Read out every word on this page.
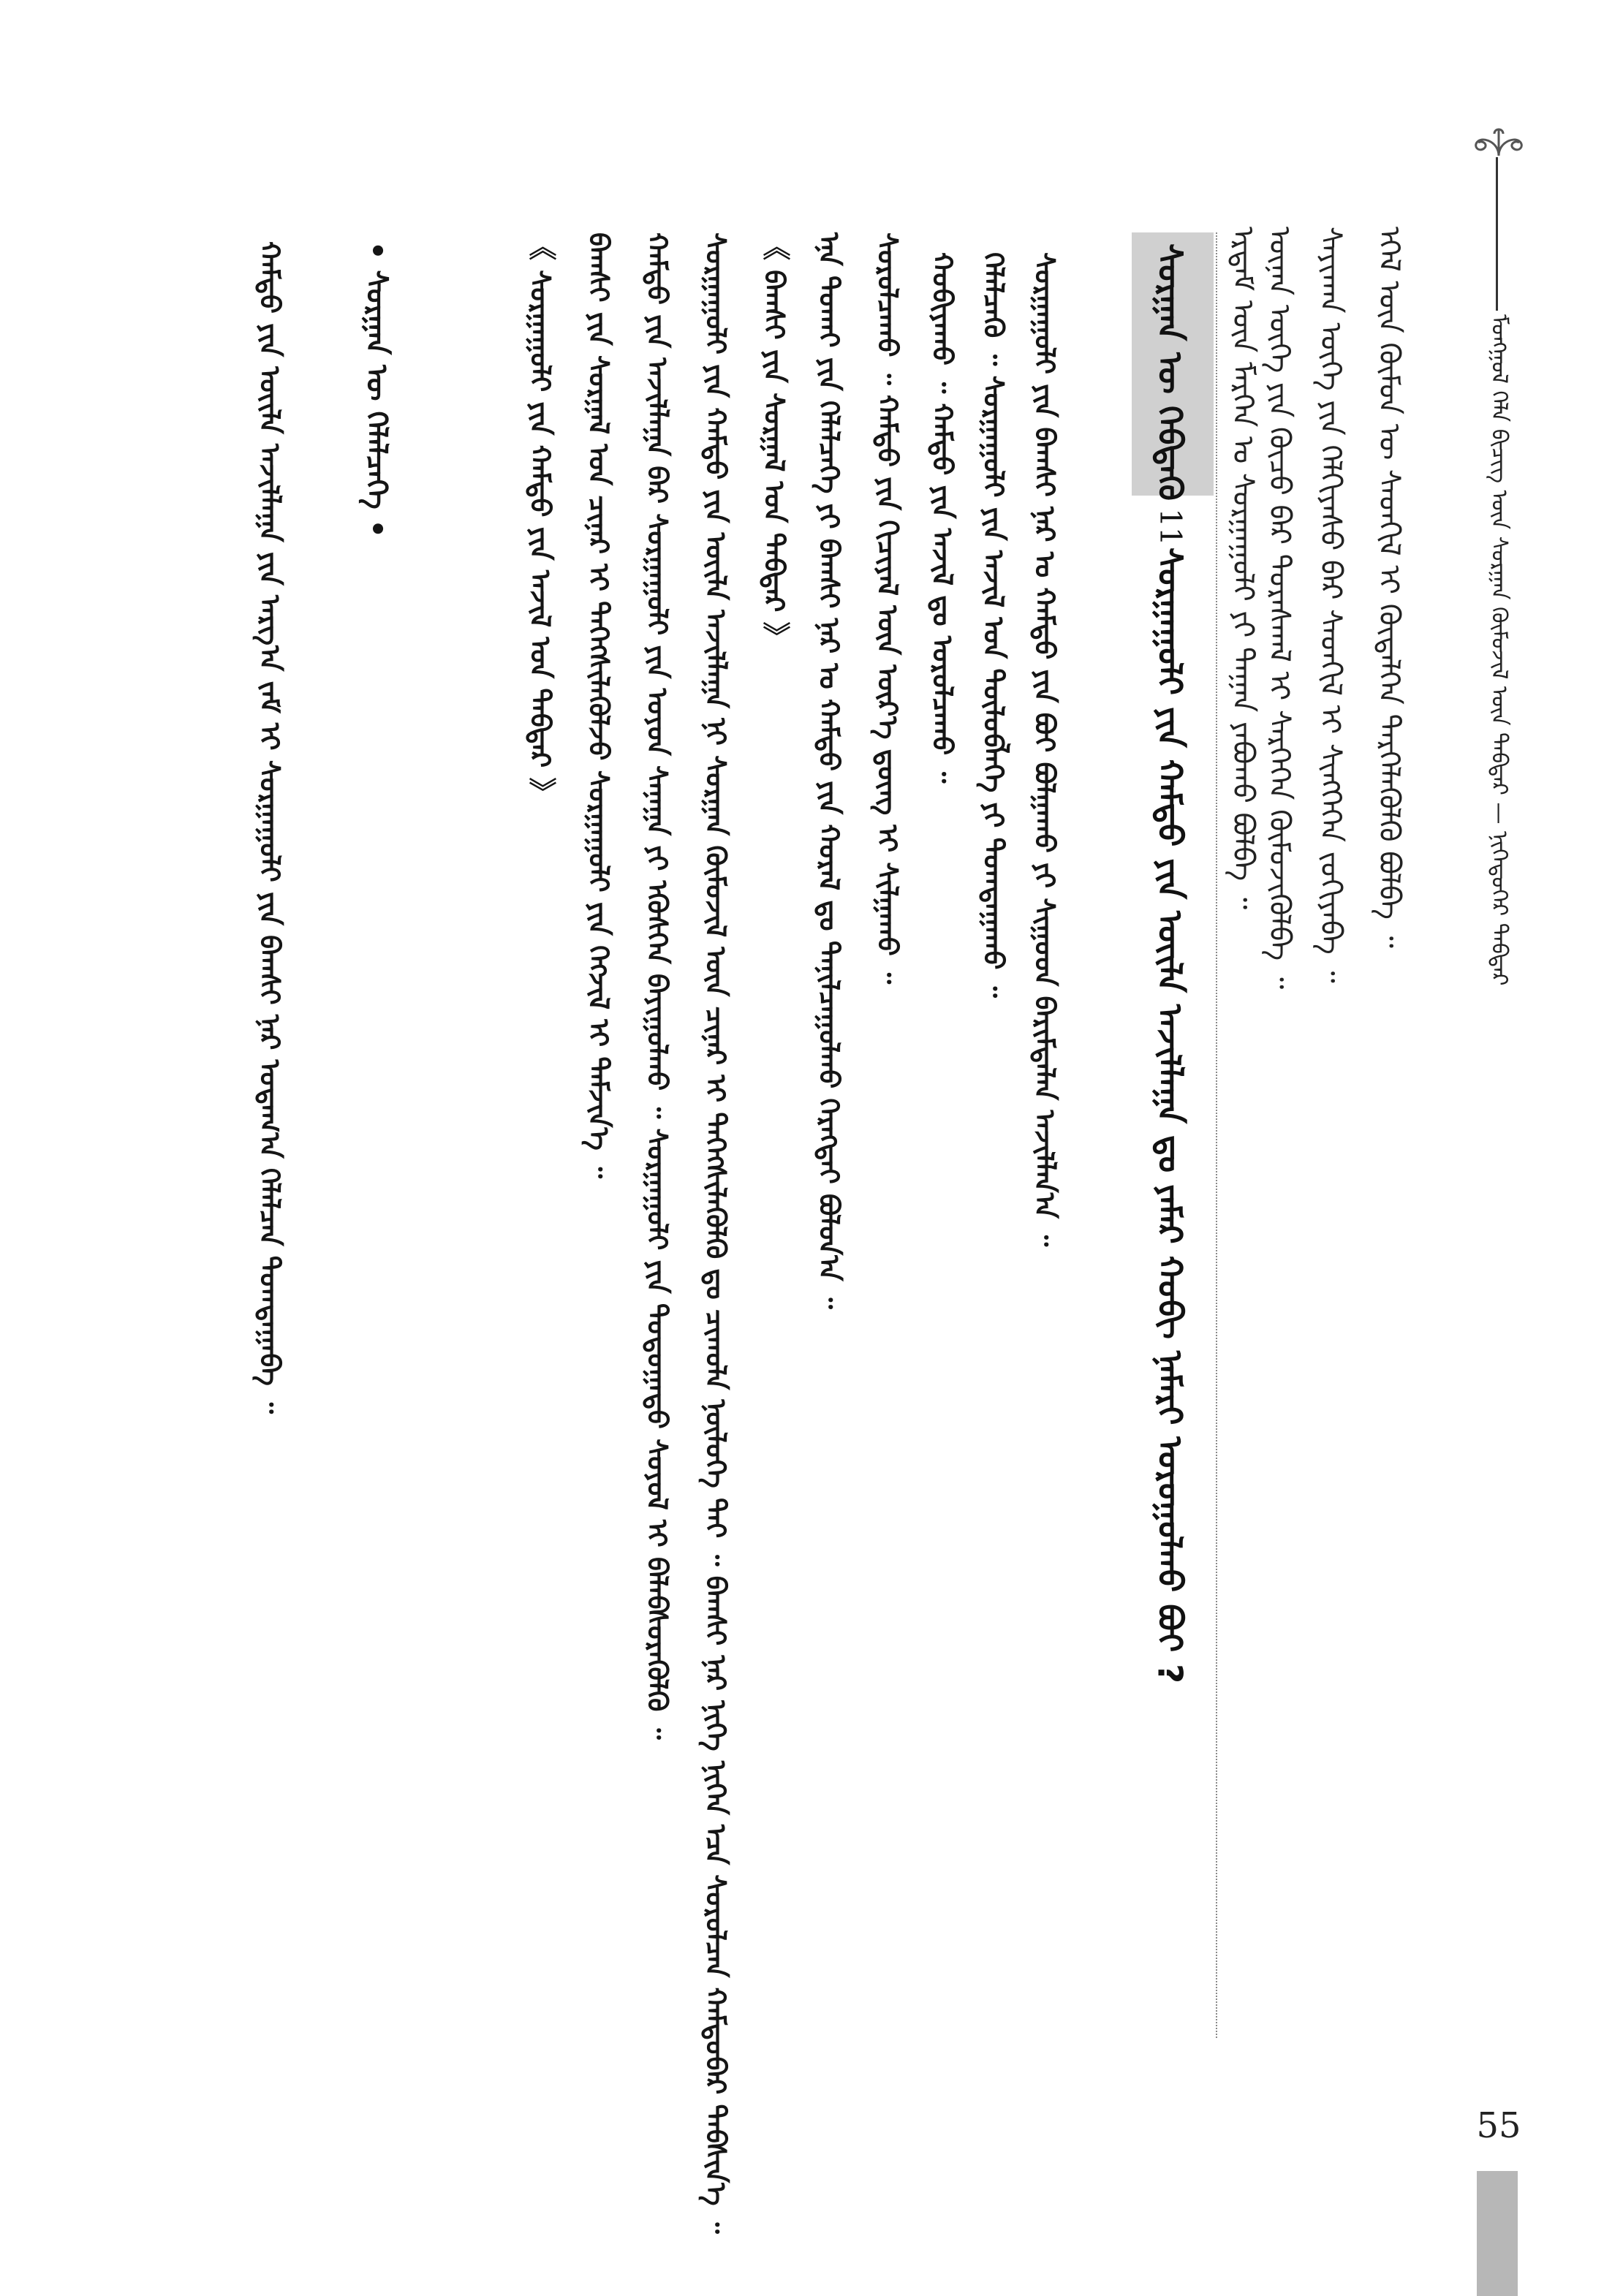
ᠮᠣᠩᠭᠣᠯ ᠬᠡᠯᠡ ᠪᠢᠴᠢᠭ᠌ ᠦᠨ ᠰᠤᠷᠭᠠᠨ ᠬᠦᠮᠦᠵᠢᠯ ᠦᠨ ᠳᠡᠪᠲᠡᠷ — ᠨᠢᠭᠡᠳᠦᠭᠡᠷ ᠳᠡᠪᠲᠡᠷ
55
ᠡᠭᠡᠯ ᠦᠨ ᠬᠦᠮᠦᠨ ᠦ ᠰᠡᠳᠬᠢᠯ ᠢ ᠬᠦᠳᠡᠯᠭᠡᠨ ᠲᠡᠷᠭᠡᠯᠡᠭᠦᠯᠬᠦ ᠪᠣᠯᠪᠠ ᠃
ᠰᠠᠶᠢᠬᠠᠨ ᠦᠭᠡ ᠶᠢᠨ ᠬᠡᠯᠬᠢᠶᠡᠰᠦ ᠪᠡᠷ ᠰᠡᠳᠬᠢᠯ ᠢ ᠰᠢᠩᠭᠡᠭᠡᠨ ᠵᠣᠬᠢᠶᠠᠪᠠ ᠃
ᠦᠨᠡᠨ ᠦᠭᠡ ᠶᠢᠨ ᠬᠦᠴᠦ ᠪᠡᠷ ᠳᠤᠷᠠᠰᠬᠠᠯ ᠢ ᠰᠡᠷᠭᠡᠭᠡᠨ ᠬᠦᠮᠦᠵᠢᠭᠦᠯᠪᠡ ᠃
ᠡᠷᠳᠡᠮ ᠦᠨ ᠮᠡᠷᠭᠡᠨ ᠤ ᠰᠤᠷᠭᠠᠭᠤᠯᠢ ᠶᠢ ᠳᠠᠭᠠᠨ ᠶᠠᠪᠤᠬᠤ ᠪᠣᠯᠪᠠ ᠃
ᠰᠤᠷᠭᠠᠨ ᠦ ᠬᠡᠪᠲᠡᠬᠦ11ᠰᠤᠷᠭᠠᠭᠤᠯᠢ ᠶᠢᠨ ᠬᠠᠮᠲᠤ ᠶᠢᠨ ᠦᠢᠯᠡ ᠠᠵᠢᠯᠯᠠᠭᠠ ᠳᠤ ᠶᠠᠮᠠᠷ ᠬᠤᠪᠢ ᠨᠡᠮᠡᠷᠢ ᠣᠷᠤᠭᠤᠯᠬᠤ ᠪᠤᠢ ?
ᠰᠤᠷᠭᠠᠭᠤᠯᠢ ᠶᠢᠨ ᠪᠠᠭᠰᠢ ᠨᠠᠷ ᠤ ᠬᠠᠮᠲᠤ ᠶᠢᠨ ᠪᠤᠢ ᠪᠣᠯᠭᠠᠬᠤ ᠶᠢ ᠰᠢᠭᠤᠳ ᠪᠠᠷᠢᠮᠲᠠᠯᠠᠨ ᠠᠵᠢᠯᠯᠠᠨ᠎ᠠ ᠃
ᠬᠡᠯᠡᠯᠴᠡᠬᠦ ᠃ ᠰᠤᠷᠭᠠᠭᠤᠯᠢ ᠶᠢᠨ ᠠᠵᠢᠯ ᠤᠨ ᠲᠥᠯᠥᠪᠯᠡᠭᠡ ᠶᠢ ᠲᠣᠭᠲᠠᠭᠠᠬᠤ ᠃
ᠬᠤᠪᠢᠶᠠᠬᠤ ᠃ ᠬᠠᠮᠲᠤ ᠶᠢᠨ ᠠᠵᠢᠯ ᠳᠤ ᠣᠷᠣᠯᠴᠠᠬᠤ ᠃
ᠰᠤᠷᠤᠯᠴᠠᠬᠤ ᠃ ᠬᠠᠮᠲᠤ ᠶᠢᠨ ᠬᠢᠴᠢᠶᠡᠯ ᠦᠨ ᠦᠷ᠎ᠡ ᠳ᠋ᠦᠩ ᠢ ᠰᠢᠯᠭᠠᠬᠤ ᠃
ᠡᠨᠡ ᠲᠤᠬᠠᠢ ᠶᠢᠨ ᠬᠡᠯᠡᠯᠴᠡᠭᠡ ᠶᠢ ᠪᠠᠭᠰᠢ ᠨᠠᠷ ᠤ ᠬᠠᠮᠲᠤ ᠶᠢᠨ ᠬᠤᠷᠠᠯ ᠳᠤ ᠲᠠᠨᠢᠯᠴᠠᠭᠤᠯᠬᠤ ᠬᠡᠷᠡᠭᠲᠡᠢ ᠪᠣᠯᠤᠨ᠎ᠠ ᠃
《 ᠪᠠᠭᠰᠢ ᠶᠢᠨ ᠰᠤᠷᠭᠠᠯ ᠤᠨ ᠳᠡᠪᠲᠡᠷ 》
ᠰᠤᠷᠭᠠᠭᠤᠯᠢ ᠶᠢᠨ ᠬᠠᠮᠲᠤ ᠶᠢᠨ ᠦᠢᠯᠡ ᠠᠵᠢᠯᠯᠠᠭᠠ ᠨᠢ ᠰᠤᠷᠭᠠᠨ ᠬᠦᠮᠦᠵᠢᠯ ᠦᠨ ᠴᠢᠨᠠᠷ ᠢ ᠳᠡᠭᠡᠭᠰᠢᠯᠡᠭᠦᠯᠬᠦ ᠳᠤ ᠴᠢᠬᠤᠯᠠ ᠨᠥᠯᠥᠭᠡ ᠲᠡᠢ ᠃ ᠪᠠᠭᠰᠢ ᠨᠠᠷ ᠨᠢᠭᠡ ᠨᠢᠭᠡᠨ ᠡᠴᠡ ᠰᠤᠷᠤᠯᠴᠠᠨ ᠬᠠᠮᠲᠤᠪᠠᠷ ᠳᠡᠪᠰᠢᠨ᠎ᠡ ᠃
ᠬᠠᠮᠲᠤ ᠶᠢᠨ ᠠᠵᠢᠯᠯᠠᠭᠠ ᠪᠠᠷ ᠰᠤᠷᠭᠠᠭᠤᠯᠢ ᠶᠢᠨ ᠣᠶᠤᠨ ᠰᠠᠨᠠᠭᠠ ᠶᠢ ᠡᠭᠦᠰᠭᠡᠨ ᠪᠠᠶᠢᠭᠤᠯᠬᠤ ᠃ ᠰᠤᠷᠭᠠᠭᠤᠯᠢ ᠶᠢᠨ ᠳᠣᠲᠣᠭᠠᠳᠤ ᠰᠤᠶᠤᠯ ᠢ ᠪᠡᠯᠡᠪᠰᠦᠷᠡᠭᠦᠯᠬᠦ ᠃
ᠪᠠᠭᠰᠢ ᠶᠢᠨ ᠰᠤᠷᠭᠠᠯ ᠤᠨ ᠴᠢᠨᠠᠷ ᠢ ᠳᠡᠭᠡᠭᠰᠢᠯᠡᠭᠦᠯᠵᠦ ᠰᠤᠷᠭᠠᠭᠤᠯᠢ ᠶᠢᠨ ᠬᠡᠭᠵᠢᠯ ᠢ ᠳᠡᠮᠵᠢᠨ᠎ᠡ ᠃
《 ᠰᠤᠷᠭᠠᠭᠤᠯᠢ ᠶᠢᠨ ᠬᠠᠮᠲᠤ ᠶᠢᠨ ᠠᠵᠢᠯ ᠤᠨ ᠳᠡᠪᠲᠡᠷ 》
• ᠰᠤᠷᠭᠠᠨ ᠦ ᠬᠡᠯᠡᠯᠴᠡᠭᠡ •
ᠬᠠᠮᠲᠤ ᠶᠢᠨ ᠦᠢᠯᠡ ᠠᠵᠢᠯᠯᠠᠭᠠ ᠶᠢᠨ ᠠᠷᠭ᠎ᠠ ᠵᠠᠮ ᠢ ᠰᠤᠷᠭᠠᠭᠤᠯᠢ ᠶᠢᠨ ᠪᠠᠭᠰᠢ ᠨᠠᠷ ᠤᠳᠠᠭ᠎ᠠ ᠬᠡᠯᠡᠯᠴᠡᠨ ᠲᠣᠭᠲᠠᠭᠠᠪᠠ ᠃
